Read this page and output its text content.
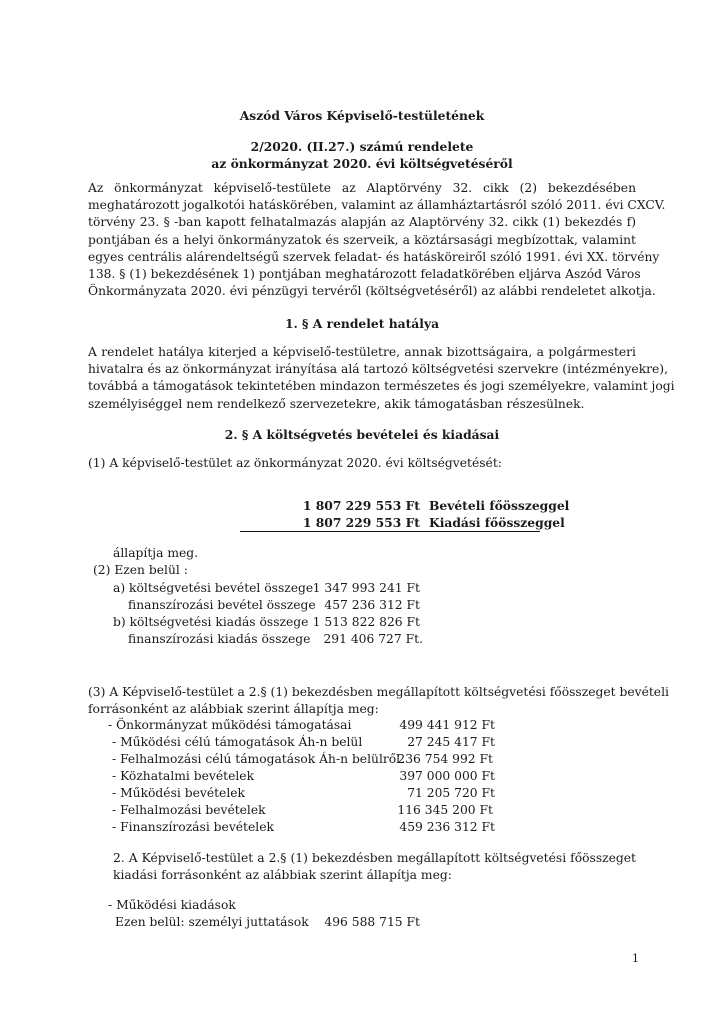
Aszód Város Képviselő-testületének
2/2020. (II.27.) számú rendelete
az önkormányzat 2020. évi költségvetéséről
Az önkormányzat képviselő-testülete az Alaptörvény 32. cikk (2) bekezdésében
meghatározott jogalkotói hatáskörében, valamint az államháztartásról szóló 2011. évi CXCV.
törvény 23. § -ban kapott felhatalmazás alapján az Alaptörvény 32. cikk (1) bekezdés f)
pontjában és a helyi önkormányzatok és szerveik, a köztársasági megbízottak, valamint
egyes centrális alárendeltségű szervek feladat- és hatásköreiről szóló 1991. évi XX. törvény
138. § (1) bekezdésének 1) pontjában meghatározott feladatkörében eljárva Aszód Város
Önkormányzata 2020. évi pénzügyi tervéről (költségvetéséről) az alábbi rendeletet alkotja.
1. § A rendelet hatálya
A rendelet hatálya kiterjed a képviselő-testületre, annak bizottságaira, a polgármesteri
hivatalra és az önkormányzat irányítása alá tartozó költségvetési szervekre (intézményekre),
továbbá a támogatások tekintetében mindazon természetes és jogi személyekre, valamint jogi
személyiséggel nem rendelkező szervezetekre, akik támogatásban részesülnek.
2. § A költségvetés bevételei és kiadásai
(1) A képviselő-testület az önkormányzat 2020. évi költségvetését:
1 807 229 553 Ft Bevételi főösszeggel
1 807 229 553 Ft Kiadási főösszeggel
állapítja meg.
(2) Ezen belül :
a) költségvetési bevétel összege 1 347 993 241 Ft
finanszírozási bevétel összege 457 236 312 Ft
b) költségvetési kiadás összege 1 513 822 826 Ft
finanszírozási kiadás összege	291 406 727 Ft.
(3) A Képviselő-testület a 2.§ (1) bekezdésben megállapított költségvetési főösszeget bevételi
forrásonként az alábbiak szerint állapítja meg:
- Önkormányzat működési támogatásai	499 441 912 Ft
- Működési célú támogatások Áh-n belül	27 245 417 Ft
- Felhalmozási célú támogatások Áh-n belülről
236 754 992 Ft
- Közhatalmi bevételek	397 000 000 Ft
- Működési bevételek	71 205 720 Ft
- Felhalmozási bevételek	116 345 200 Ft
- Finanszírozási bevételek	459 236 312 Ft
2. A Képviselő-testület a 2.§ (1) bekezdésben megállapított költségvetési főösszeget
kiadási forrásonként az alábbiak szerint állapítja meg:
- Működési kiadások
Ezen belül: személyi juttatások	496 588 715 Ft
1
